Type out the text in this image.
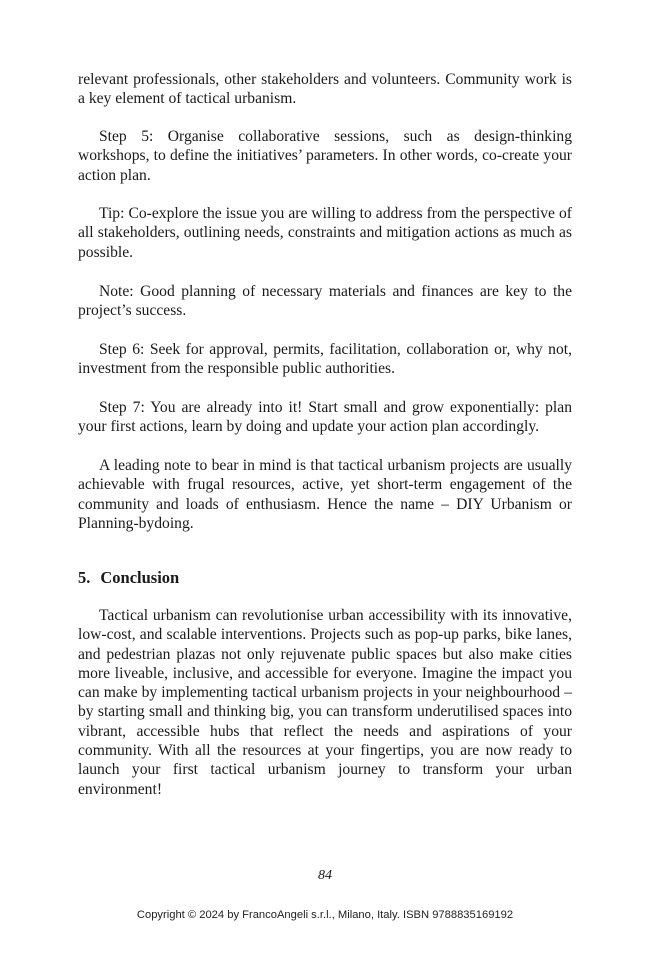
relevant professionals, other stakeholders and volunteers. Community work is a key element of tactical urbanism.

Step 5: Organise collaborative sessions, such as design-thinking workshops, to define the initiatives’ parameters. In other words, co-create your action plan.

Tip: Co-explore the issue you are willing to address from the perspective of all stakeholders, outlining needs, constraints and mitigation actions as much as possible.

Note: Good planning of necessary materials and finances are key to the project’s success.

Step 6: Seek for approval, permits, facilitation, collaboration or, why not, investment from the responsible public authorities.

Step 7: You are already into it! Start small and grow exponentially: plan your first actions, learn by doing and update your action plan accordingly.

A leading note to bear in mind is that tactical urbanism projects are usually achievable with frugal resources, active, yet short-term engagement of the community and loads of enthusiasm. Hence the name – DIY Urbanism or Planning-bydoing.

5. Conclusion

Tactical urbanism can revolutionise urban accessibility with its innovative, low-cost, and scalable interventions. Projects such as pop-up parks, bike lanes, and pedestrian plazas not only rejuvenate public spaces but also make cities more liveable, inclusive, and accessible for everyone. Imagine the impact you can make by implementing tactical urbanism projects in your neighbourhood – by starting small and thinking big, you can transform underutilised spaces into vibrant, accessible hubs that reflect the needs and aspirations of your community. With all the resources at your fingertips, you are now ready to launch your first tactical urbanism journey to transform your urban environment!

84
Copyright © 2024 by FrancoAngeli s.r.l., Milano, Italy. ISBN 9788835169192
